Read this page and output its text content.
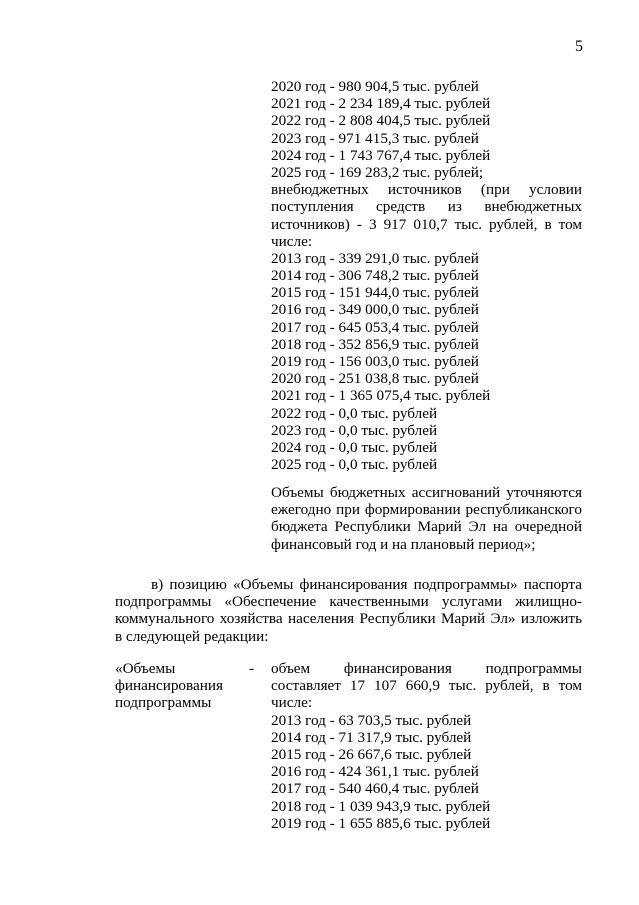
5
2020 год - 980 904,5 тыс. рублей
2021 год - 2 234 189,4 тыс. рублей
2022 год - 2 808 404,5 тыс. рублей
2023 год - 971 415,3 тыс. рублей
2024 год - 1 743 767,4 тыс. рублей
2025 год - 169 283,2 тыс. рублей;
внебюджетных источников (при условии
поступления средств из внебюджетных
источников) - 3 917 010,7 тыс. рублей, в том
числе:
2013 год - 339 291,0 тыс. рублей
2014 год - 306 748,2 тыс. рублей
2015 год - 151 944,0 тыс. рублей
2016 год - 349 000,0 тыс. рублей
2017 год - 645 053,4 тыс. рублей
2018 год - 352 856,9 тыс. рублей
2019 год - 156 003,0 тыс. рублей
2020 год - 251 038,8 тыс. рублей
2021 год - 1 365 075,4 тыс. рублей
2022 год - 0,0 тыс. рублей
2023 год - 0,0 тыс. рублей
2024 год - 0,0 тыс. рублей
2025 год - 0,0 тыс. рублей
Объемы бюджетных ассигнований уточняются
ежегодно при формировании республиканского
бюджета Республики Марий Эл на очередной
финансовый год и на плановый период»;
в) позицию «Объемы финансирования подпрограммы» паспорта
подпрограммы «Обеспечение качественными услугами жилищно-
коммунального хозяйства населения Республики Марий Эл» изложить
в следующей редакции:
«Объемы
финансирования
подпрограммы
- объем финансирования подпрограммы
составляет 17 107 660,9 тыс. рублей, в том
числе:
2013 год - 63 703,5 тыс. рублей
2014 год - 71 317,9 тыс. рублей
2015 год - 26 667,6 тыс. рублей
2016 год - 424 361,1 тыс. рублей
2017 год - 540 460,4 тыс. рублей
2018 год - 1 039 943,9 тыс. рублей
2019 год - 1 655 885,6 тыс. рублей
